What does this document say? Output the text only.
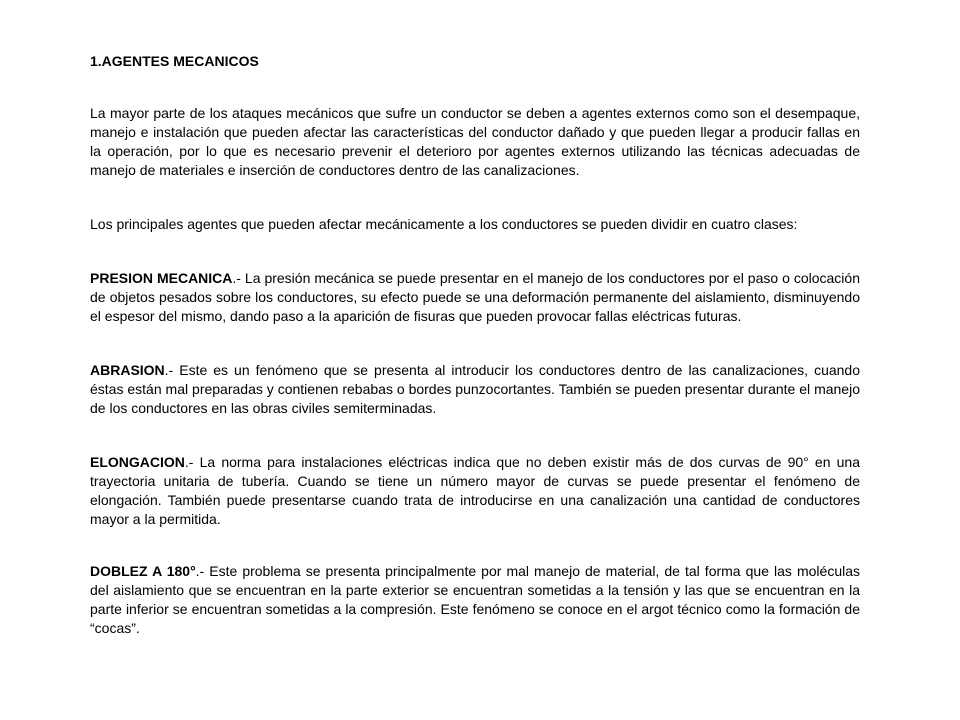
1.AGENTES MECANICOS

La mayor parte de los ataques mecánicos que sufre un conductor se deben a agentes externos como son el desempaque, manejo e instalación que pueden afectar las características del conductor dañado y que pueden llegar a producir fallas en la operación, por lo que es necesario prevenir el deterioro por agentes externos utilizando las técnicas adecuadas de manejo de materiales e inserción de conductores dentro de las canalizaciones.

Los principales agentes que pueden afectar mecánicamente a los conductores se pueden dividir en cuatro clases:

PRESION MECANICA.- La presión mecánica se puede presentar en el manejo de los conductores por el paso o colocación de objetos pesados sobre los conductores, su efecto puede se una deformación permanente del aislamiento, disminuyendo el espesor del mismo, dando paso a la aparición de fisuras que pueden provocar fallas eléctricas futuras.

ABRASION.- Este es un fenómeno que se presenta al introducir los conductores dentro de las canalizaciones, cuando éstas están mal preparadas y contienen rebabas o bordes punzocortantes. También se pueden presentar durante el manejo de los conductores en las obras civiles semiterminadas.

ELONGACION.- La norma para instalaciones eléctricas indica que no deben existir más de dos curvas de 90° en una trayectoria unitaria de tubería. Cuando se tiene un número mayor de curvas se puede presentar el fenómeno de elongación. También puede presentarse cuando trata de introducirse en una canalización una cantidad de conductores mayor a la permitida.

DOBLEZ A 180°.- Este problema se presenta principalmente por mal manejo de material, de tal forma que las moléculas del aislamiento que se encuentran en la parte exterior se encuentran sometidas a la tensión y las que se encuentran en la parte inferior se encuentran sometidas a la compresión. Este fenómeno se conoce en el argot técnico como la formación de “cocas”.
